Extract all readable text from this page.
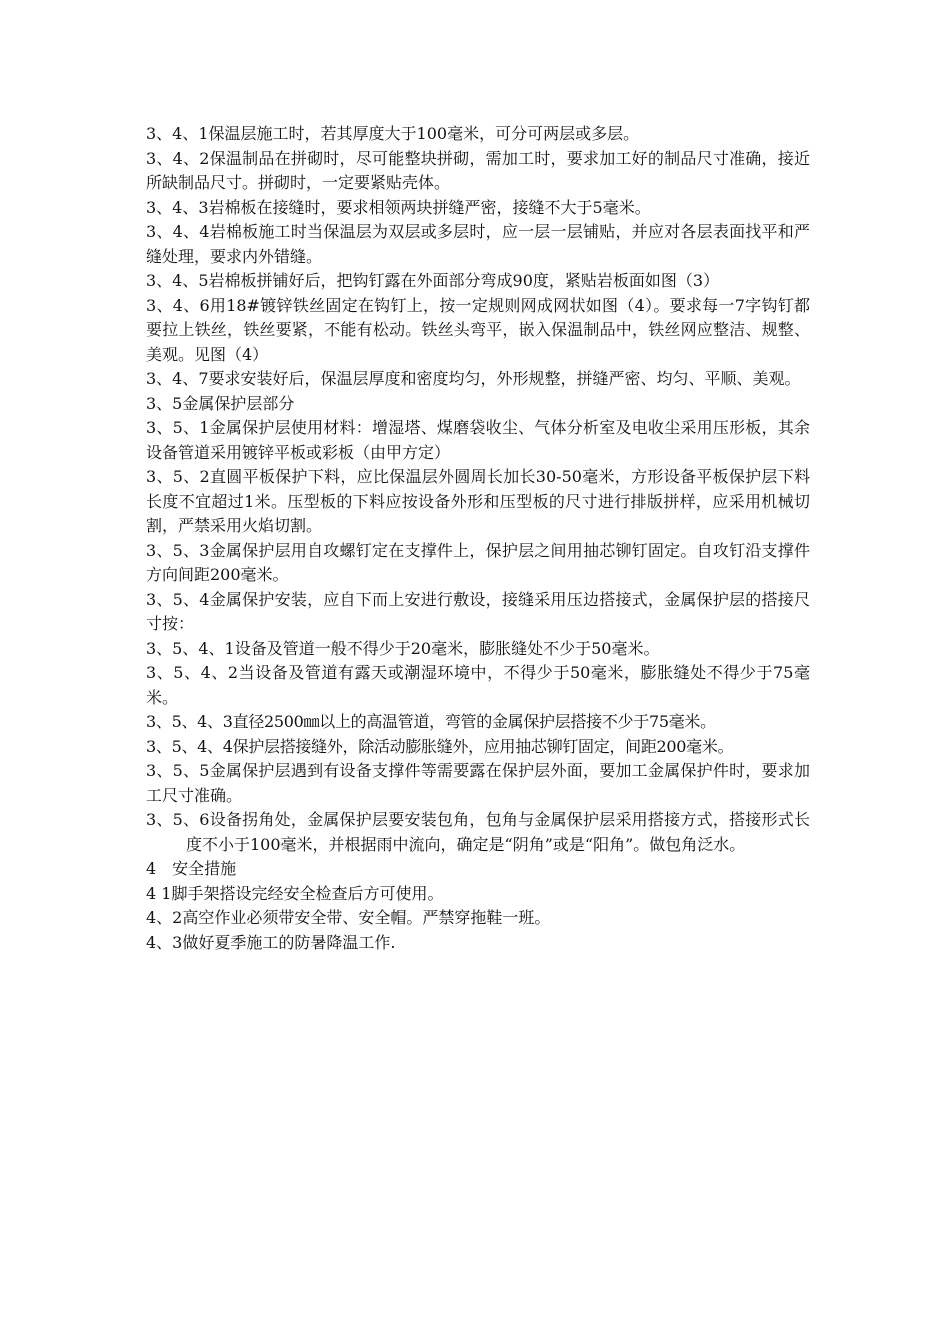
3、4、1保温层施工时，若其厚度大于100毫米，可分可两层或多层。

3、4、2保温制品在拼砌时，尽可能整块拼砌，需加工时，要求加工好的制品尺寸准确，接近所缺制品尺寸。拼砌时，一定要紧贴壳体。

3、4、3岩棉板在接缝时，要求相领两块拼缝严密，接缝不大于5毫米。

3、4、4岩棉板施工时当保温层为双层或多层时，应一层一层铺贴，并应对各层表面找平和严缝处理，要求内外错缝。

3、4、5岩棉板拼铺好后，把钩钉露在外面部分弯成90度，紧贴岩板面如图（3）

3、4、6用18#镀锌铁丝固定在钩钉上，按一定规则网成网状如图（4）。要求每一7字钩钉都要拉上铁丝，铁丝要紧，不能有松动。铁丝头弯平，嵌入保温制品中，铁丝网应整洁、规整、美观。见图（4）

3、4、7要求安装好后，保温层厚度和密度均匀，外形规整，拼缝严密、均匀、平顺、美观。

3、5金属保护层部分

3、5、1金属保护层使用材料：增湿塔、煤磨袋收尘、气体分析室及电收尘采用压形板，其余设备管道采用镀锌平板或彩板（由甲方定）

3、5、2直圆平板保护下料，应比保温层外圆周长加长30-50毫米，方形设备平板保护层下料长度不宜超过1米。压型板的下料应按设备外形和压型板的尺寸进行排版拼样，应采用机械切割，严禁采用火焰切割。

3、5、3金属保护层用自攻螺钉定在支撑件上，保护层之间用抽芯铆钉固定。自攻钉沿支撑件方向间距200毫米。

3、5、4金属保护安装，应自下而上安进行敷设，接缝采用压边搭接式，金属保护层的搭接尺寸按：

3、5、4、1设备及管道一般不得少于20毫米，膨胀缝处不少于50毫米。

3、5、4、2当设备及管道有露天或潮湿环境中，不得少于50毫米，膨胀缝处不得少于75毫米。

3、5、4、3直径2500㎜以上的高温管道，弯管的金属保护层搭接不少于75毫米。

3、5、4、4保护层搭接缝外，除活动膨胀缝外，应用抽芯铆钉固定，间距200毫米。

3、5、5金属保护层遇到有设备支撑件等需要露在保护层外面，要加工金属保护件时，要求加工尺寸准确。

3、5、6设备拐角处，金属保护层要安装包角，包角与金属保护层采用搭接方式，搭接形式长度不小于100毫米，并根据雨中流向，确定是“阴角”或是“阳角”。做包角泛水。

4　安全措施

4 1脚手架搭设完经安全检查后方可使用。

4、2高空作业必须带安全带、安全帽。严禁穿拖鞋一班。

4、3做好夏季施工的防暑降温工作.
